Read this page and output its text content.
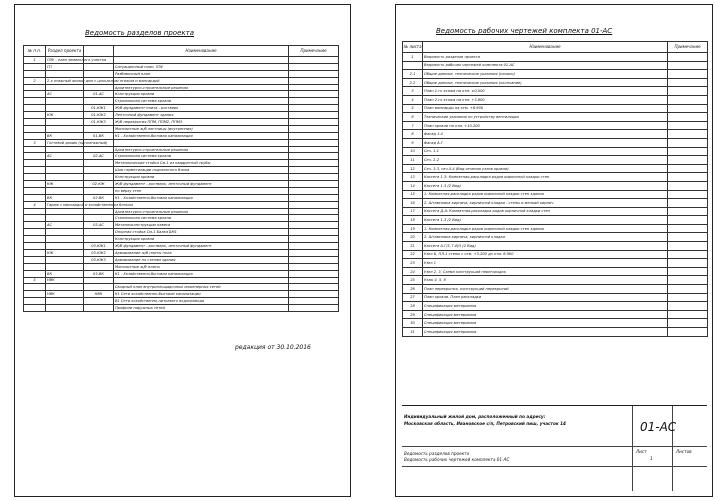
Ведомость разделов проекта
№ п.п.	Раздел проекта		Наименование	Примечание
1	ПЗУ - план земельного участка			
	ГП		Ситуационный план, ПЗУ	
			Разбивочный план	
2	2-х этажный жилой дом с цокольным этажом и мансардой			
			Архитектурно-строительные решения	
	АС	01-АС	Конструкция кровли	
			Стропильная система кровли	
		01-КЖ1	Ж/б фундамент плита - ростверк	
	КЖ	01-КЖ2	Ленточный фундамент здания	
		01-КЖ3	Ж/б перекрытия ППМ, ППМ2, ППМ3	
			Монолитные ж/б лестницы (внутренние)	
	ВК	01-ВК	К1 - Хозяйственно-бытовая канализация	
3	Гостевой домик (одноэтажный)			
			Архитектурно-строительные решения	
	АС	02-АС	Стропильная система кровли	
			Металлические стойки См-1 из квадратной трубы	
			Шов герметизации подоконного блока	
			Конструкция кровли	
	КЖ	02-КЖ	Ж/б фундамент - ростверк, ленточный фундамент	
			по верху стен	
	ВК	02-ВК	К1 - Хозяйственно-бытовая канализация	
4	Гараж с мансардой и хозяйственным блоком			
			Архитектурно-строительные решения	
			Стропильная система кровли	
	АС	03-АС	Металлоконструкции навеса	
			Опорная стойка См-1 Балка БМ1	
			Конструкция кровли	
		03-КЖ1	Ж/б фундамент - ростверк, ленточный фундамент	
	КЖ	03-КЖ2	Армирование ж/б плиты пола	
		03-КЖ3	Армирование по стенам здания	
			Монолитные ж/б плиты	
	ВК	03-ВК	К1 - Хозяйственно-бытовая канализация	
5	НВК			
			Сводный план внутриплощадочных инженерных сетей	
	НВК	НВК	К1 Сети хозяйственно-бытовой канализации	
			В1 Сети хозяйственно-питьевого водопровода	
			Профили наружных сетей	
редакция от 30.10.2016
Ведомость рабочих чертежей комплекта 01-АС
№ листа	Наименование	Примечание
1	Ведомость разделов проекта	
	Ведомость рабочих чертежей комплекта 01-АС	
2.1	Общие данные, технические указания (начало)	
2.2	Общие данные, технические указания (окончание)	
3	План 1-го этажа на отм. ±0.000	
4	План 2-го этажа на отм. +3.600	
5	План мансарды на отм. +6.900	
6	Технические указания по устройству вентиляции	
7	План кровли на отм. +10.200	
8	Фасад 1-4	
9	Фасад А-Г	
10	Сеч. 1-1	
11	Сеч. 2-2	
12	Сеч. 3-3, сеч.4-4 (Вид сечения узлов кровли)	
13	Кассета 1-3: Комнатная-раскладка рядов кирпичной кладки стен	
14	Кассета 1-3 (2 Вид)	
15	1. Комнатная-раскладка рядов кирпичной кладки стен здания	
16	2. Штамповка кирпича, кирпичной кладки - стены и мелкий кирпич	
17	Кассета Д-А: Комнатная-раскладка рядов кирпичной кладки стен	
18	Кассета 1-3 (2 Вид)	
19	1. Комнатная-раскладка рядов кирпичной кладки стен здания	
20	2. Штамповка кирпича, кирпичной кладки	
21	Кассета А-Г/3, Г-В/3 (2 Вид)	
22	Узел Б, ПЛ-1 стены с отм. +3.200 до отм. 6.900	
23	Узел 1	
24	Узел 2, 3, Схема конструкций перегородок	
25	Узлы 4, 5, 6	
26	План перекрытия, конструкций перекрытий	
27	План кровли. План раскладки	
28	Спецификация материалов	
29	Спецификация материалов	
30	Спецификация материалов	
31	Спецификация материалов	
Индивидуальный жилой дом, расположенный по адресу:
Московская область, Ивановское с/п, Петровский пиш, участок 14
Ведомость разделов проекта
Ведомость рабочих чертежей комплекта 01-АС
01-АС
Лист	Листов
1
